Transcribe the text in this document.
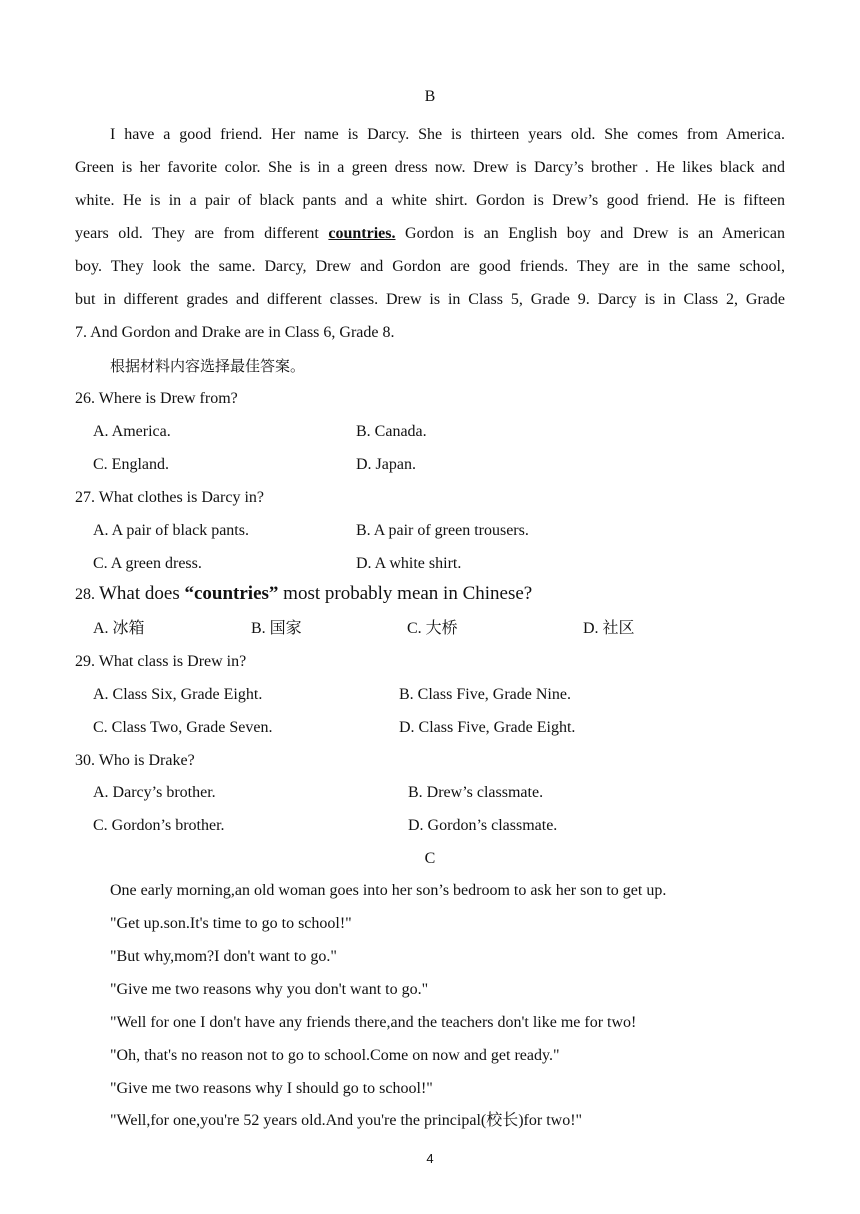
B
I have a good friend. Her name is Darcy. She is thirteen years old. She comes from America.
Green is her favorite color. She is in a green dress now. Drew is Darcy’s brother . He likes black and
white. He is in a pair of black pants and a white shirt. Gordon is Drew’s good friend. He is fifteen
years old. They are from different countries. Gordon is an English boy and Drew is an American
boy. They look the same. Darcy, Drew and Gordon are good friends. They are in the same school,
but in different grades and different classes. Drew is in Class 5, Grade 9. Darcy is in Class 2, Grade
7. And Gordon and Drake are in Class 6, Grade 8.
根据材料内容选择最佳答案。
26. Where is Drew from?
A. America.	B. Canada.
C. England.	D. Japan.
27. What clothes is Darcy in?
A. A pair of black pants.	B. A pair of green trousers.
C. A green dress.	D. A white shirt.
28. What does “countries” most probably mean in Chinese?
A. 冰箱	B. 国家	C. 大桥	D. 社区
29. What class is Drew in?
A. Class Six, Grade Eight.	B. Class Five, Grade Nine.
C. Class Two, Grade Seven.	D. Class Five, Grade Eight.
30. Who is Drake?
A. Darcy’s brother.	B. Drew’s classmate.
C. Gordon’s brother.	D. Gordon’s classmate.
C
One early morning,an old woman goes into her son’s bedroom to ask her son to get up.
"Get up.son.It's time to go to school!"
"But why,mom?I don't want to go."
"Give me two reasons why you don't want to go."
"Well for one I don't have any friends there,and the teachers don't like me for two!
"Oh, that's no reason not to go to school.Come on now and get ready."
"Give me two reasons why I should go to school!"
"Well,for one,you're 52 years old.And you're the principal(校长)for two!"
4
